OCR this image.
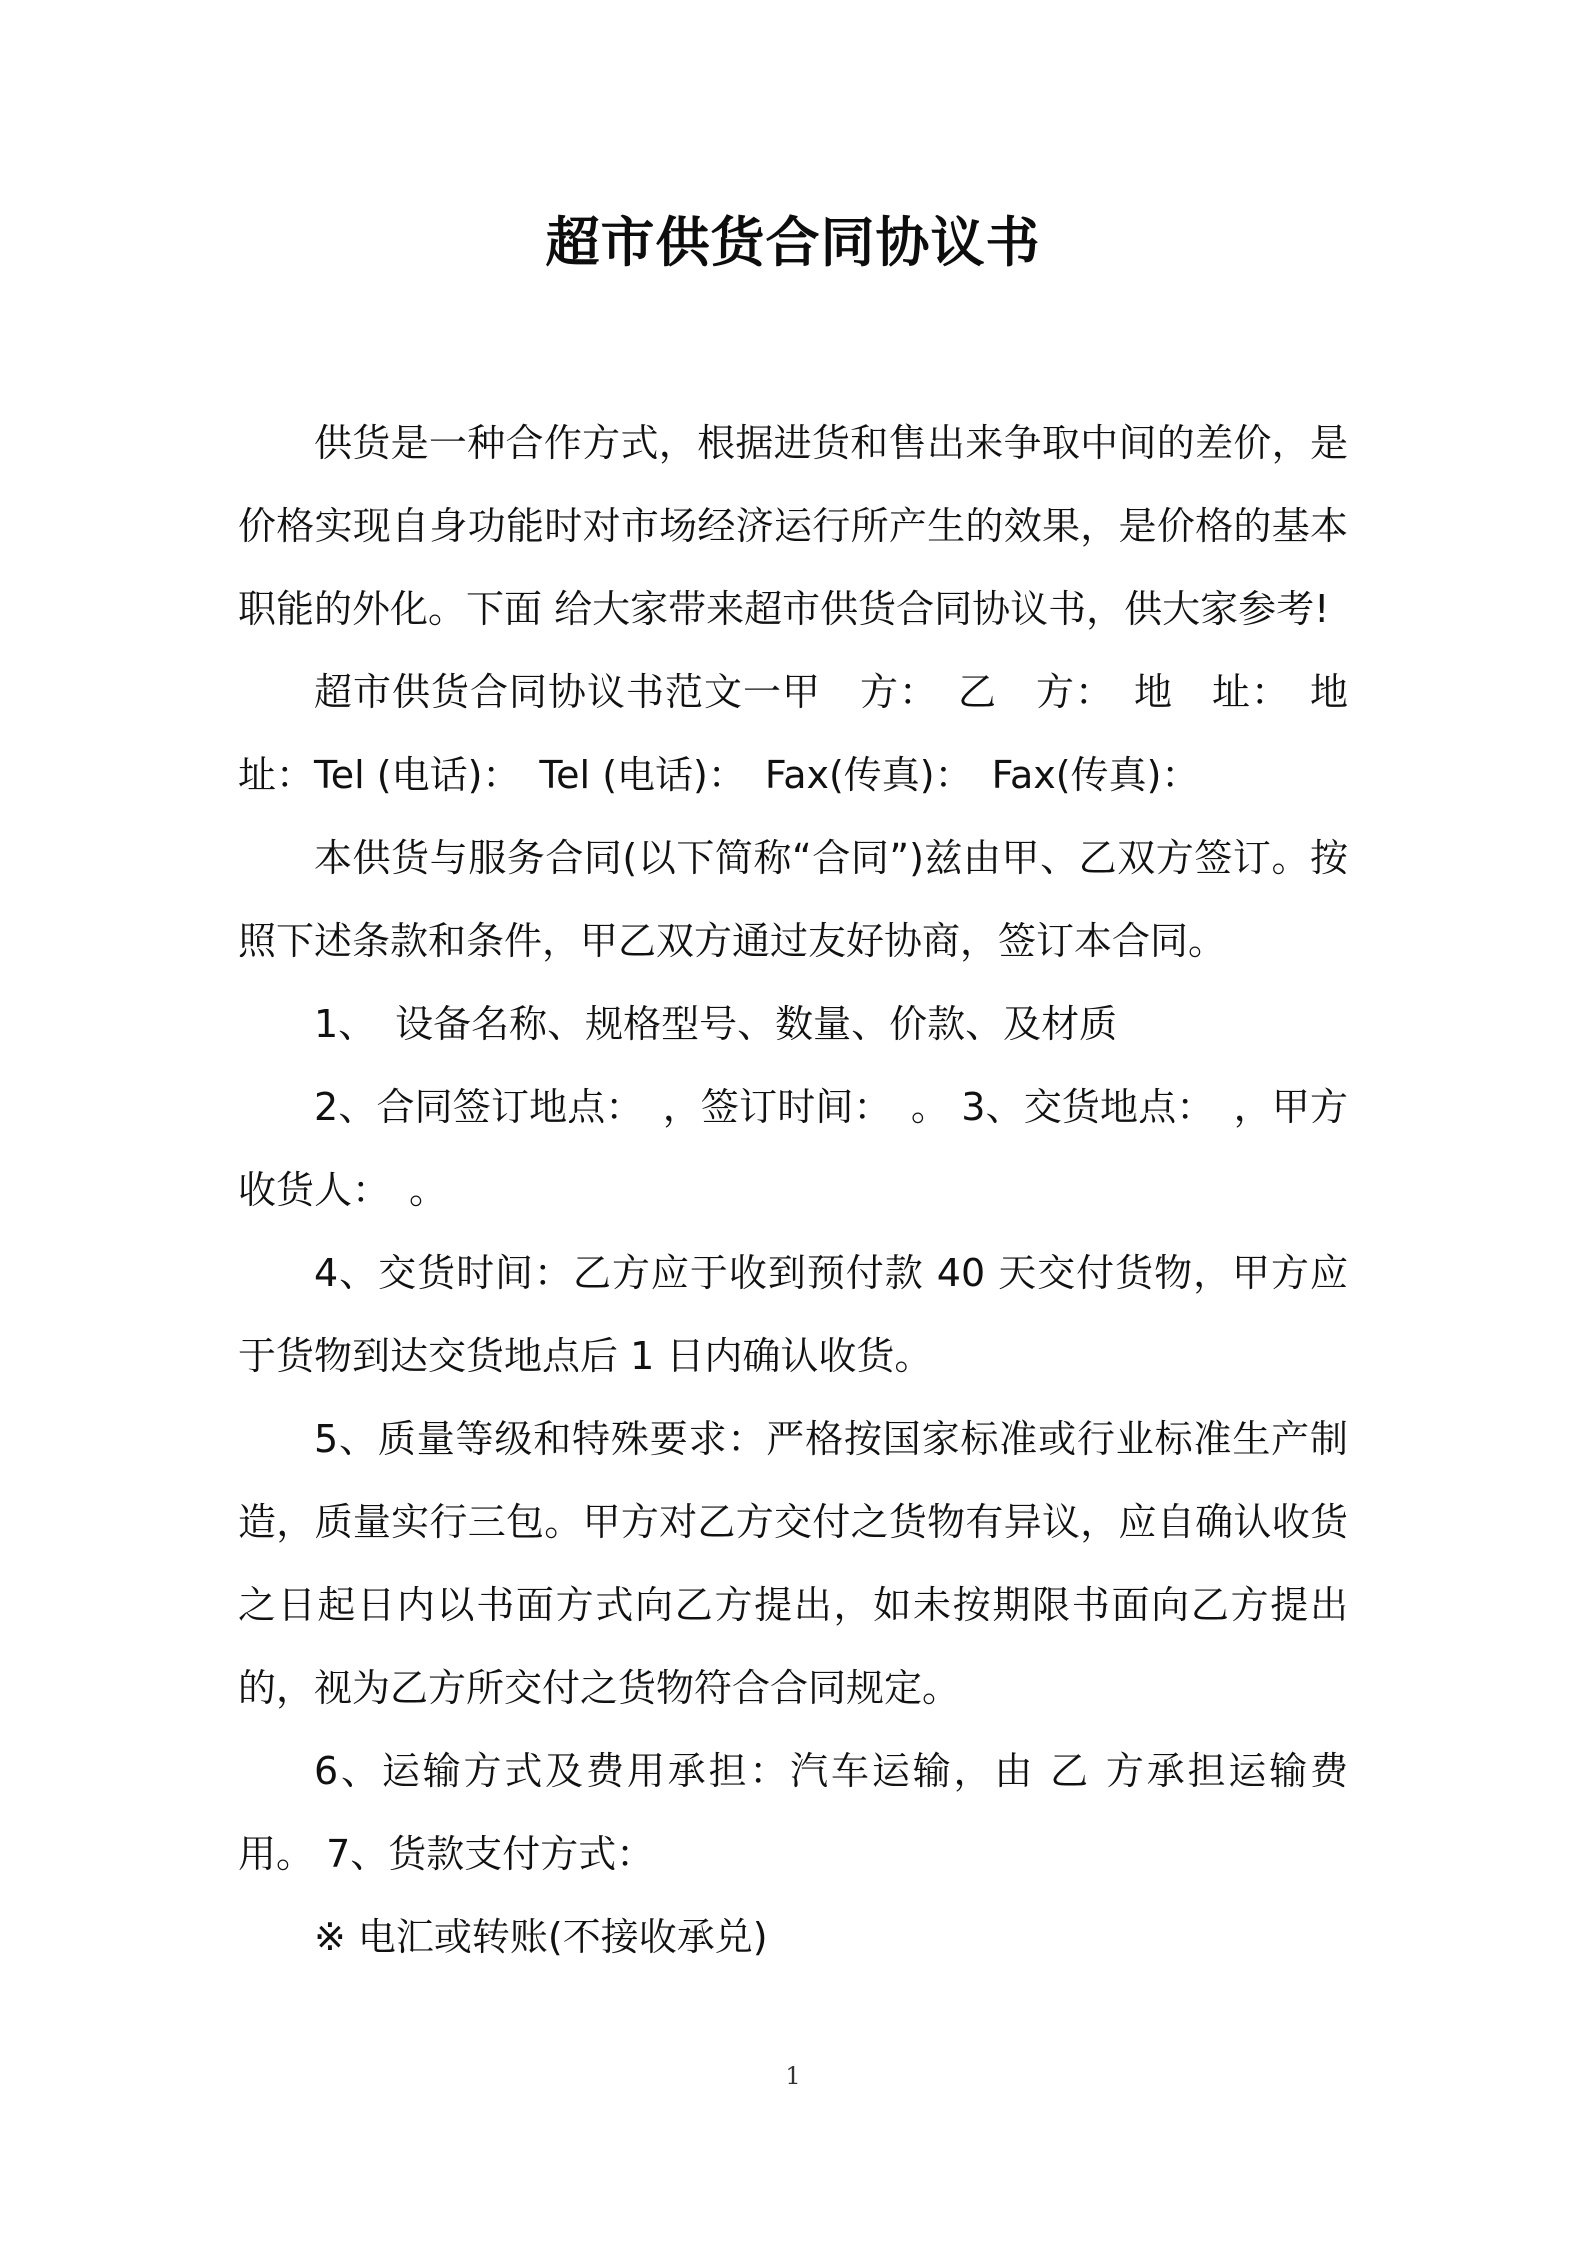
超市供货合同协议书

供货是一种合作方式，根据进货和售出来争取中间的差价，是价格实现自身功能时对市场经济运行所产生的效果，是价格的基本职能的外化。下面 给大家带来超市供货合同协议书，供大家参考!

超市供货合同协议书范文一甲　方：　乙　方：　地　址：　地　址：Tel (电话)：　Tel (电话)：　Fax(传真)：　Fax(传真)：

本供货与服务合同(以下简称“合同”)兹由甲、乙双方签订。按照下述条款和条件，甲乙双方通过友好协商，签订本合同。

1、　设备名称、规格型号、数量、价款、及材质

2、合同签订地点：　，签订时间：　。 3、交货地点：　，甲方收货人：　。

4、交货时间：乙方应于收到预付款 40 天交付货物，甲方应于货物到达交货地点后 1 日内确认收货。

5、质量等级和特殊要求：严格按国家标准或行业标准生产制造，质量实行三包。甲方对乙方交付之货物有异议，应自确认收货之日起日内以书面方式向乙方提出，如未按期限书面向乙方提出的，视为乙方所交付之货物符合合同规定。

6、运输方式及费用承担：汽车运输，由 乙 方承担运输费用。 7、货款支付方式：

※ 电汇或转账(不接收承兑)

1
